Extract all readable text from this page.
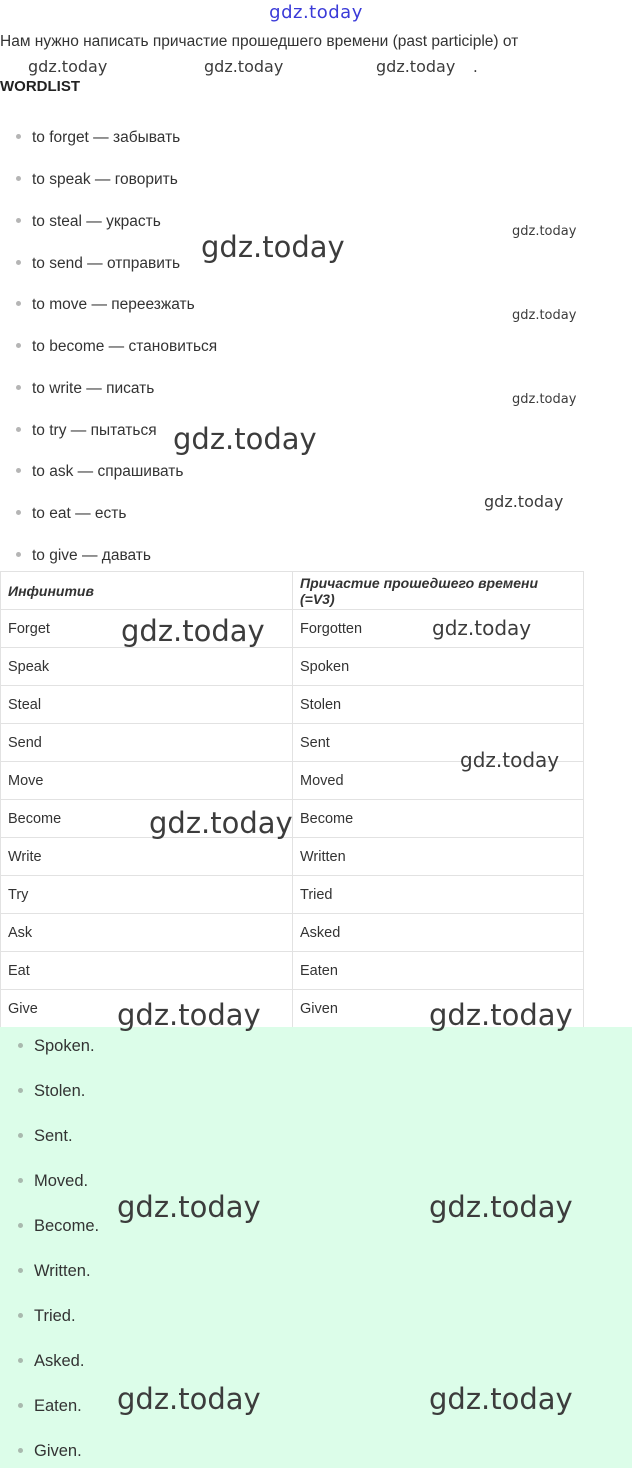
gdz.today
Нам нужно написать причастие прошедшего времени (past participle) от
.
WORDLIST
to forget — забывать
to speak — говорить
to steal — украсть
to send — отправить
to move — переезжать
to become — становиться
to write — писать
to try — пытаться
to ask — спрашивать
to eat — есть
to give — давать
Инфинитив	Причастие прошедшего времени (=V3)
Forget	Forgotten
Speak	Spoken
Steal	Stolen
Send	Sent
Move	Moved
Become	Become
Write	Written
Try	Tried
Ask	Asked
Eat	Eaten
Give	Given
Spoken.
Stolen.
Sent.
Moved.
Become.
Written.
Tried.
Asked.
Eaten.
Given.
gdz.today	gdz.today	gdz.today
gdz.today
gdz.today
gdz.today
gdz.today
gdz.today
gdz.today
gdz.today	gdz.today
gdz.today
gdz.today
gdz.today	gdz.today
gdz.today	gdz.today
gdz.today	gdz.today
